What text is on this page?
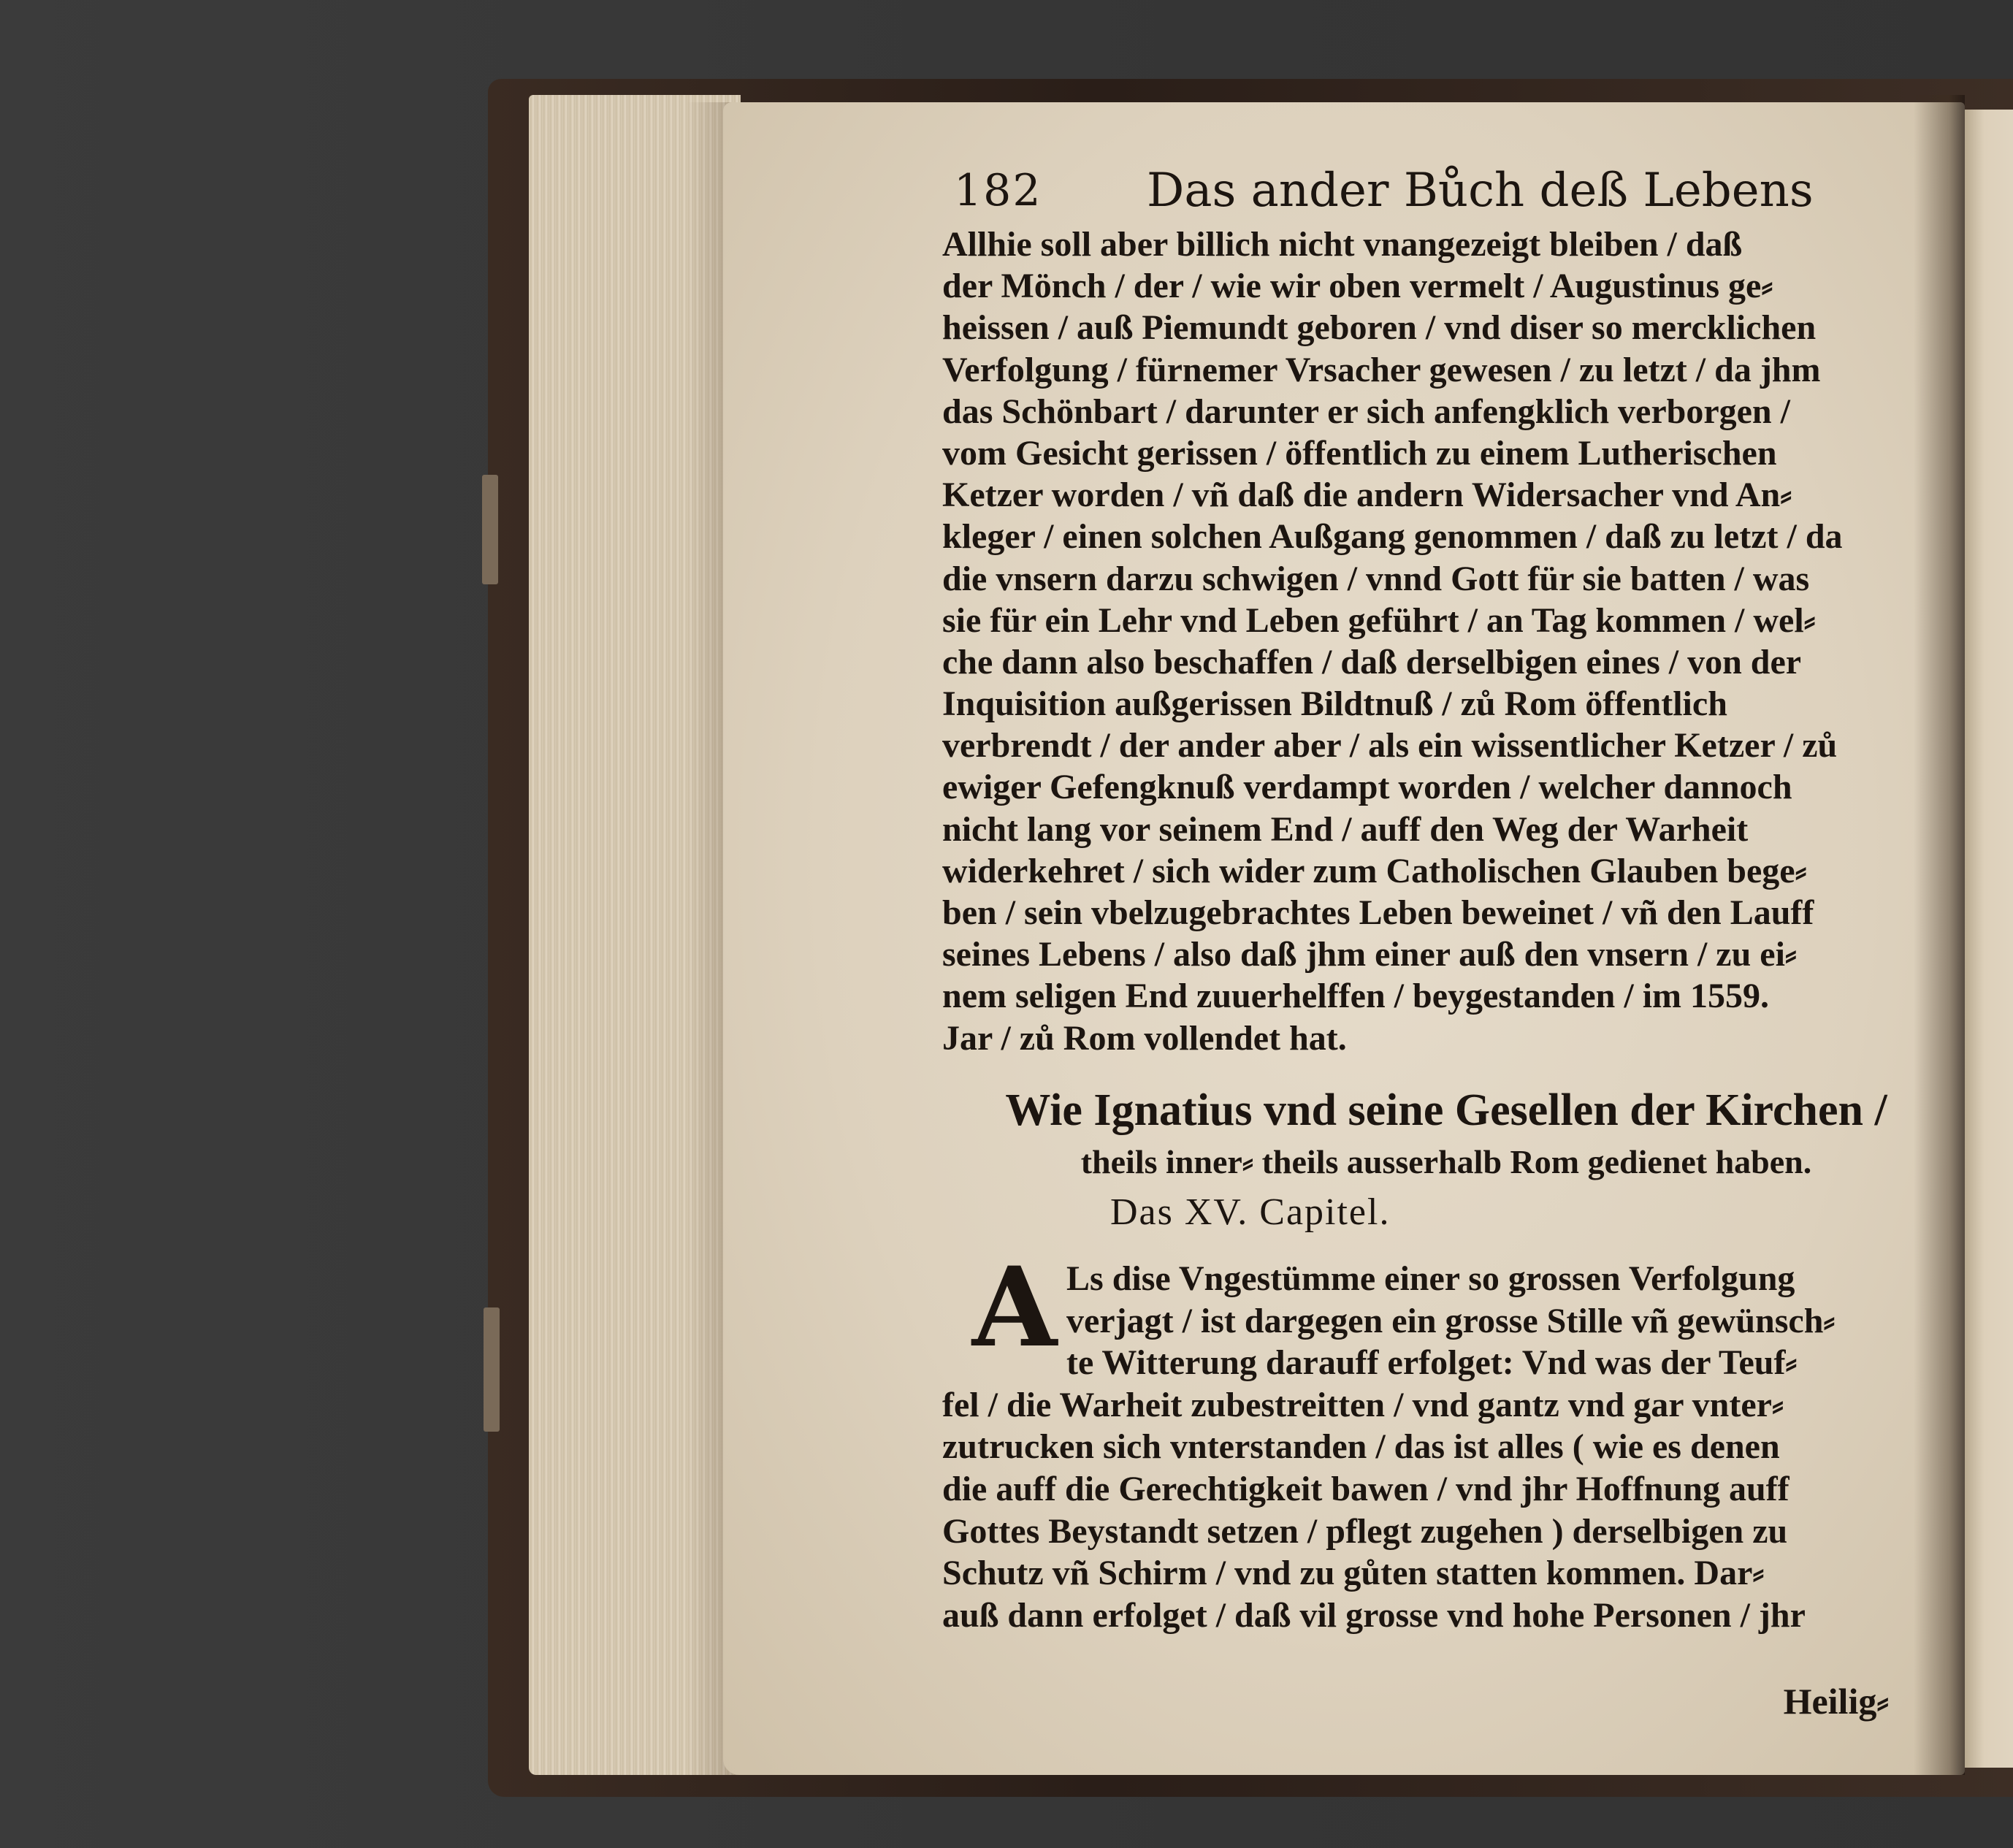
182 Das ander Bůch deß Lebens
Allhie soll aber billich nicht vnangezeigt bleiben / daß
der Mönch / der / wie wir oben vermelt / Augustinus ge⸗
heissen / auß Piemundt geboren / vnd diser so mercklichen
Verfolgung / fürnemer Vrsacher gewesen / zu letzt / da jhm
das Schönbart / darunter er sich anfengklich verborgen /
vom Gesicht gerissen / öffentlich zu einem Lutherischen
Ketzer worden / vñ daß die andern Widersacher vnd An⸗
kleger / einen solchen Außgang genommen / daß zu letzt / da
die vnsern darzu schwigen / vnnd Gott für sie batten / was
sie für ein Lehr vnd Leben geführt / an Tag kommen / wel⸗
che dann also beschaffen / daß derselbigen eines / von der
Inquisition außgerissen Bildtnuß / zů Rom öffentlich
verbrendt / der ander aber / als ein wissentlicher Ketzer / zů
ewiger Gefengknuß verdampt worden / welcher dannoch
nicht lang vor seinem End / auff den Weg der Warheit
widerkehret / sich wider zum Catholischen Glauben bege⸗
ben / sein vbelzugebrachtes Leben beweinet / vñ den Lauff
seines Lebens / also daß jhm einer auß den vnsern / zu ei⸗
nem seligen End zuuerhelffen / beygestanden / im 1559.
Jar / zů Rom vollendet hat.
Wie Ignatius vnd seine Gesellen der Kirchen /
theils inner⸗ theils ausserhalb Rom gedienet haben.
Das XV. Capitel.
A Ls dise Vngestümme einer so grossen Verfolgung
verjagt / ist dargegen ein grosse Stille vñ gewünsch⸗
te Witterung darauff erfolget: Vnd was der Teuf⸗
fel / die Warheit zubestreitten / vnd gantz vnd gar vnter⸗
zutrucken sich vnterstanden / das ist alles ( wie es denen
die auff die Gerechtigkeit bawen / vnd jhr Hoffnung auff
Gottes Beystandt setzen / pflegt zugehen ) derselbigen zu
Schutz vñ Schirm / vnd zu gůten statten kommen. Dar⸗
auß dann erfolget / daß vil grosse vnd hohe Personen / jhr
Heilig⸗
